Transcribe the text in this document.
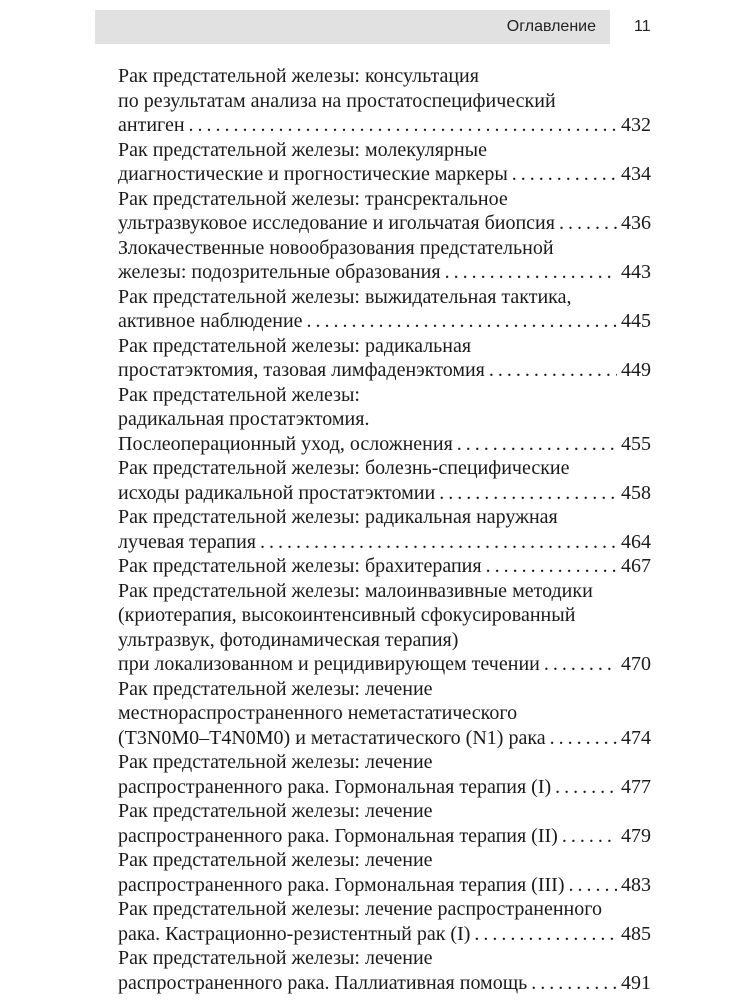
Оглавление 11
Рак предстательной железы: консультация
по результатам анализа на простатоспецифический
антиген .....	432
Рак предстательной железы: молекулярные
диагностические и прогностические маркеры .....	434
Рак предстательной железы: трансректальное
ультразвуковое исследование и игольчатая биопсия .....	436
Злокачественные новообразования предстательной
железы: подозрительные образования .....	443
Рак предстательной железы: выжидательная тактика,
активное наблюдение .....	445
Рак предстательной железы: радикальная
простатэктомия, тазовая лимфаденэктомия .....	449
Рак предстательной железы:
радикальная простатэктомия.
Послеоперационный уход, осложнения .....	455
Рак предстательной железы: болезнь-специфические
исходы радикальной простатэктомии .....	458
Рак предстательной железы: радикальная наружная
лучевая терапия .....	464
Рак предстательной железы: брахитерапия .....	467
Рак предстательной железы: малоинвазивные методики
(криотерапия, высокоинтенсивный сфокусированный
ультразвук, фотодинамическая терапия)
при локализованном и рецидивирующем течении .....	470
Рак предстательной железы: лечение
местнораспространенного неметастатического
(T3N0M0–T4N0M0) и метастатического (N1) рака .....	474
Рак предстательной железы: лечение
распространенного рака. Гормональная терапия (I) .....	477
Рак предстательной железы: лечение
распространенного рака. Гормональная терапия (II) .....	479
Рак предстательной железы: лечение
распространенного рака. Гормональная терапия (III) .....	483
Рак предстательной железы: лечение распространенного
рака. Кастрационно-резистентный рак (I) .....	485
Рак предстательной железы: лечение
распространенного рака. Паллиативная помощь .....	491
